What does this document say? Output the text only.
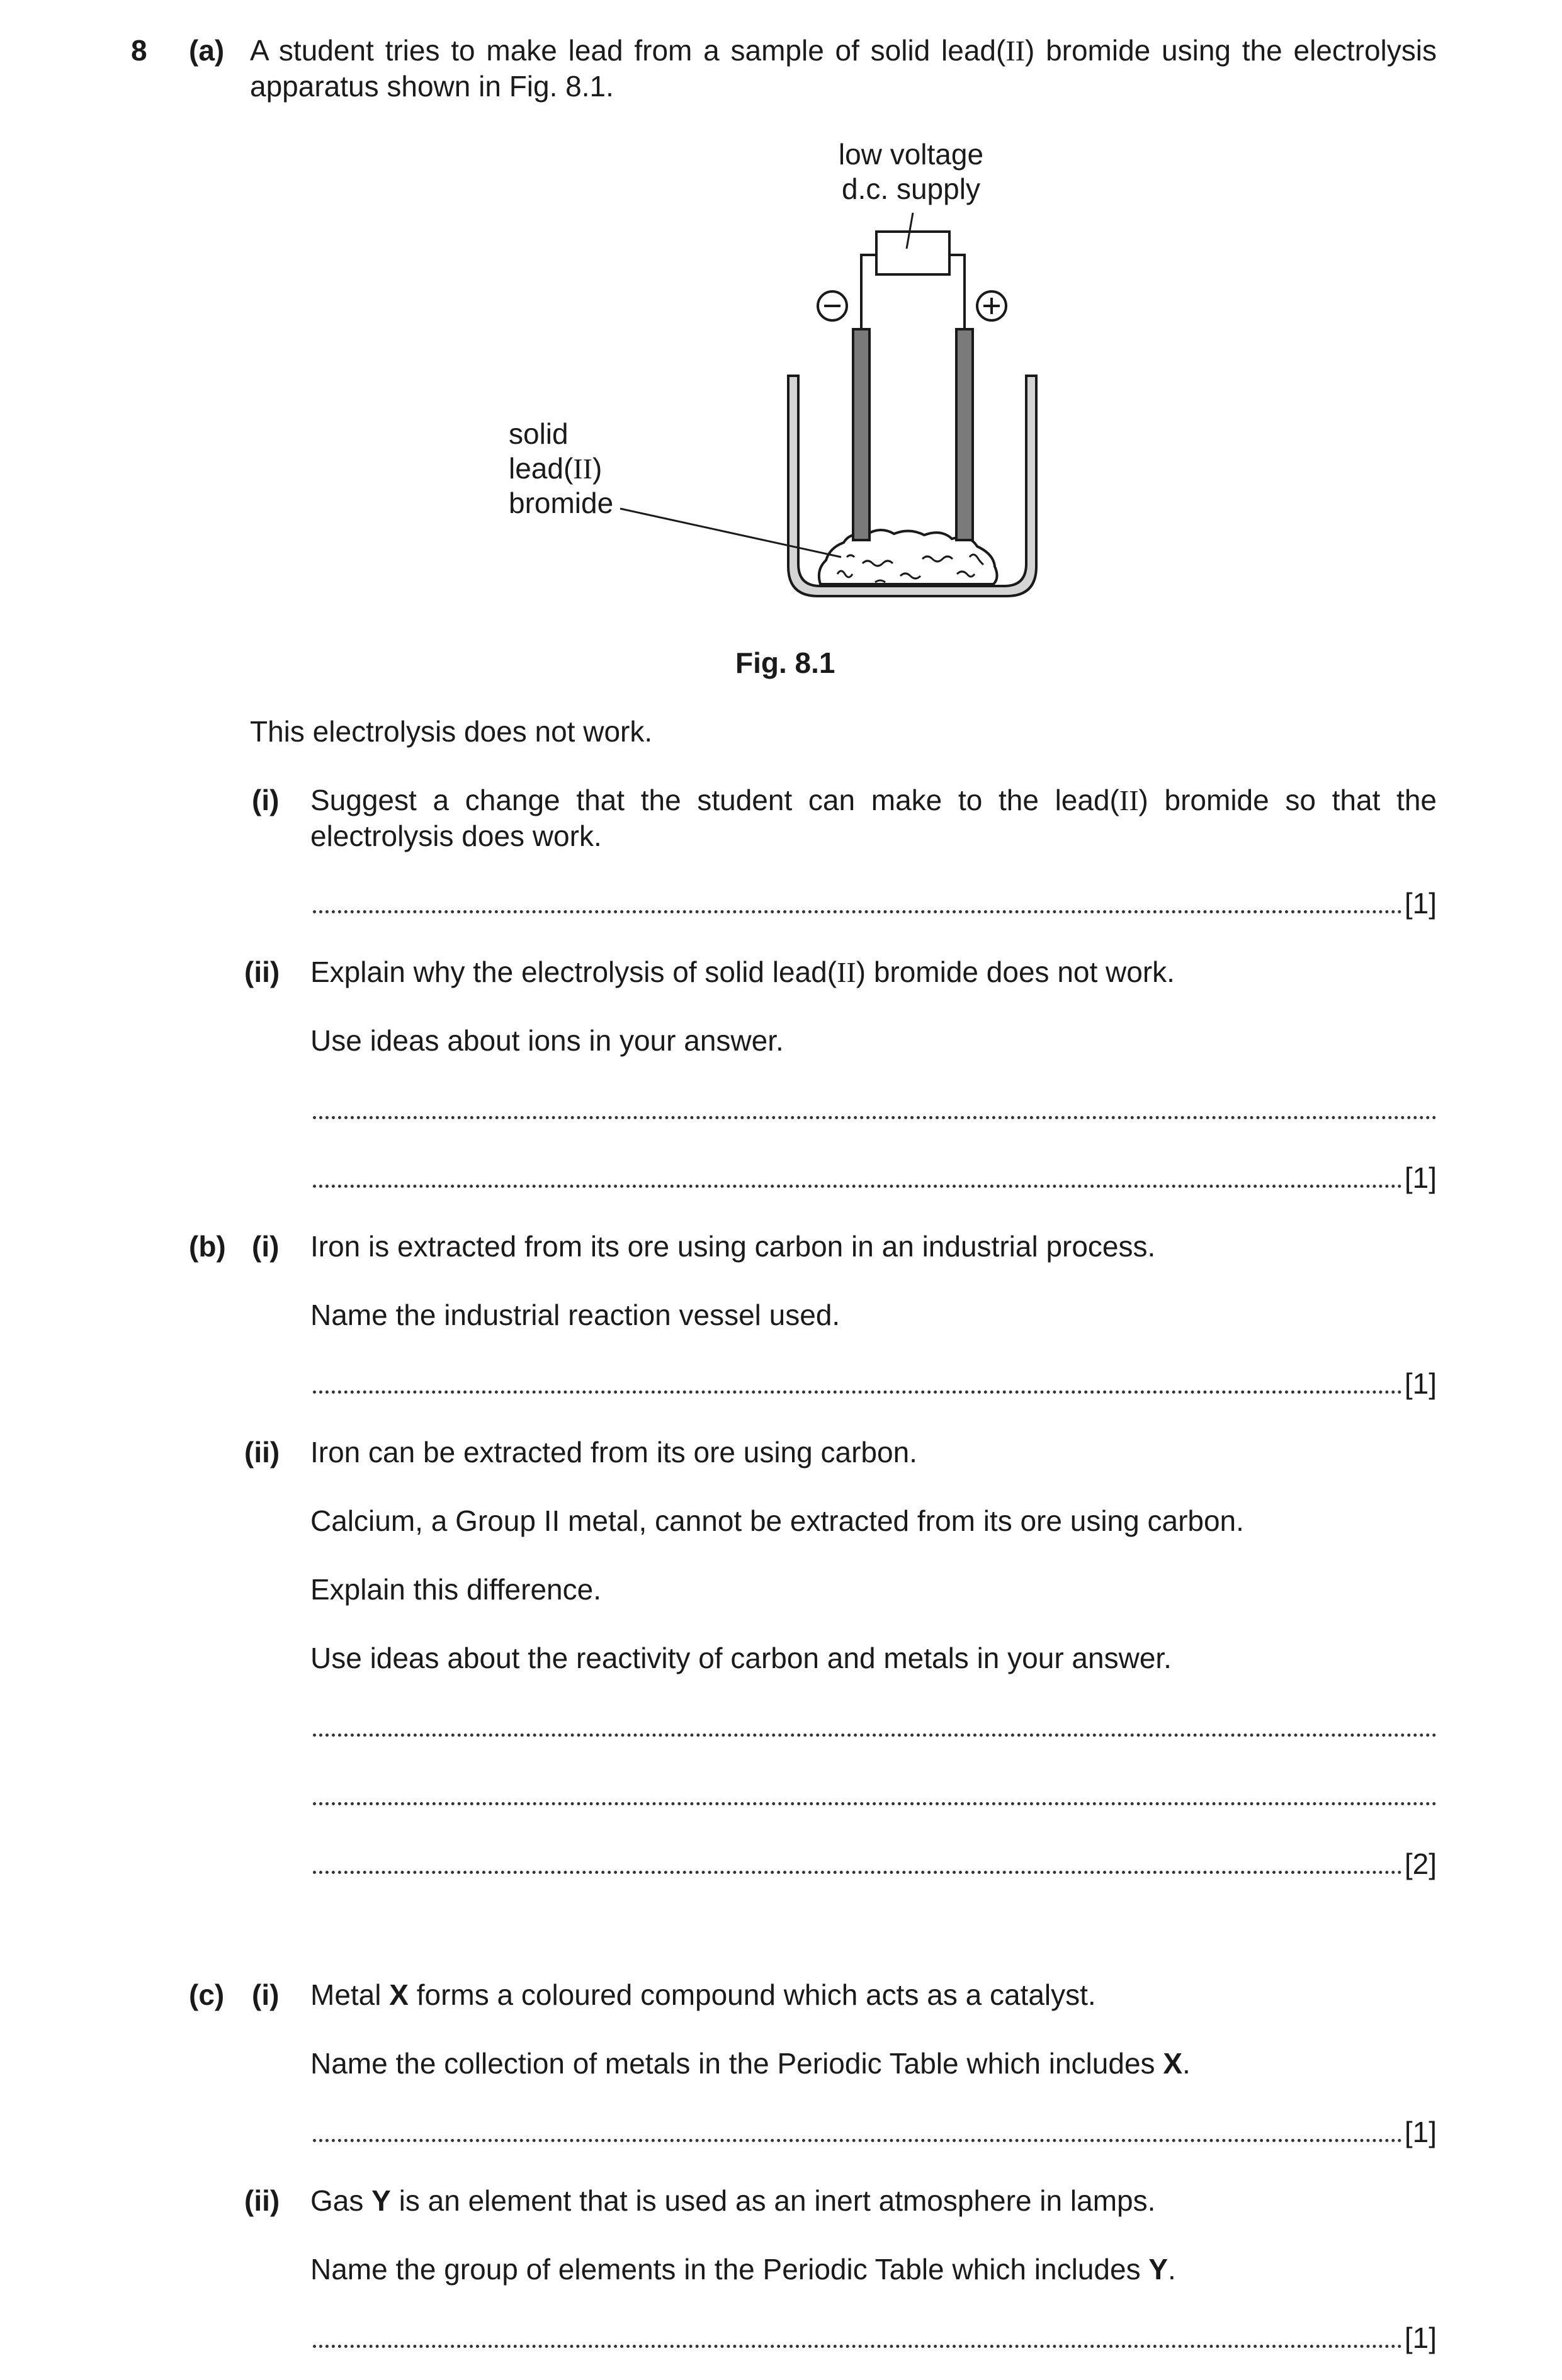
8 (a) A student tries to make lead from a sample of solid lead(II) bromide using the electrolysis apparatus shown in Fig. 8.1.
low voltage
d.c. supply
solid
lead(II)
bromide
Fig. 8.1
This electrolysis does not work.
(i) Suggest a change that the student can make to the lead(II) bromide so that the electrolysis does work.
[1]
(ii) Explain why the electrolysis of solid lead(II) bromide does not work.
Use ideas about ions in your answer.
[1]
(b) (i) Iron is extracted from its ore using carbon in an industrial process.
Name the industrial reaction vessel used.
[1]
(ii) Iron can be extracted from its ore using carbon.
Calcium, a Group II metal, cannot be extracted from its ore using carbon.
Explain this difference.
Use ideas about the reactivity of carbon and metals in your answer.
[2]
(c) (i) Metal X forms a coloured compound which acts as a catalyst.
Name the collection of metals in the Periodic Table which includes X.
[1]
(ii) Gas Y is an element that is used as an inert atmosphere in lamps.
Name the group of elements in the Periodic Table which includes Y.
[1]
